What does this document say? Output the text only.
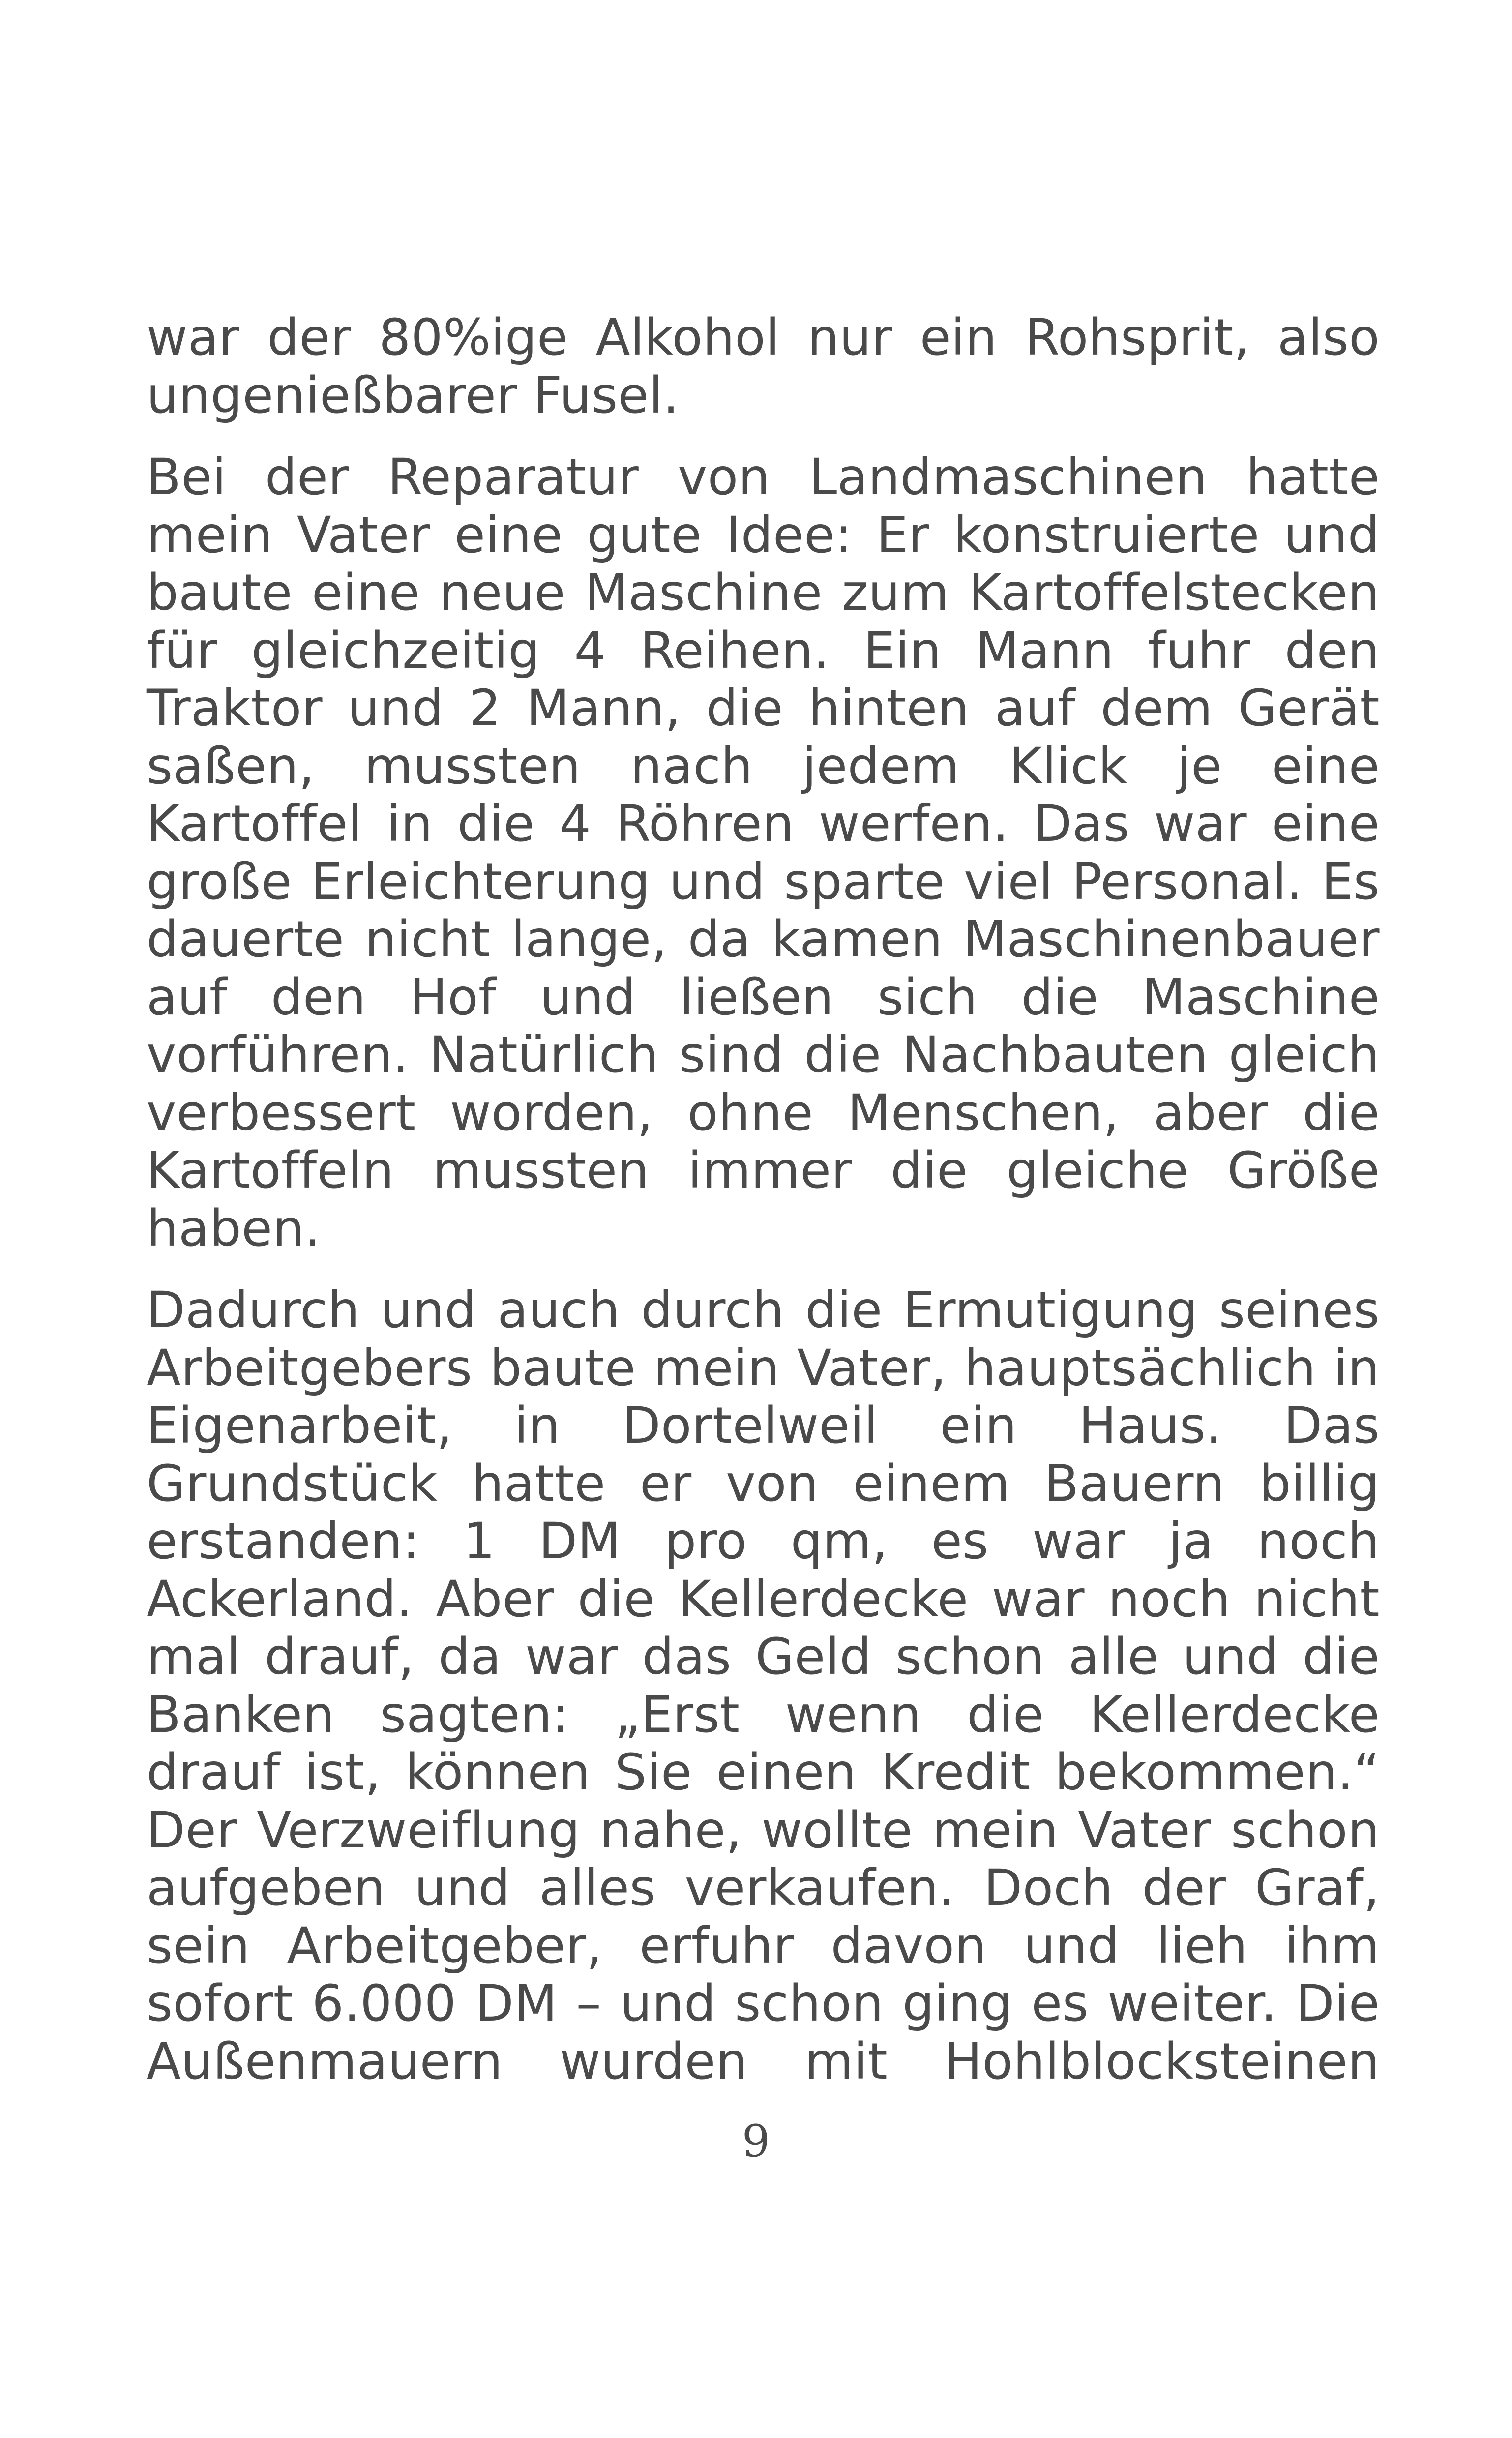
war der 80%ige Alkohol nur ein Rohsprit, also ungenießbarer Fusel.

Bei der Reparatur von Landmaschinen hatte mein Vater eine gute Idee: Er konstruierte und baute eine neue Maschine zum Kartoffelstecken für gleichzeitig 4 Reihen. Ein Mann fuhr den Traktor und 2 Mann, die hinten auf dem Gerät saßen, mussten nach jedem Klick je eine Kartoffel in die 4 Röhren werfen. Das war eine große Erleichterung und sparte viel Personal. Es dauerte nicht lange, da kamen Maschinenbauer auf den Hof und ließen sich die Maschine vorführen. Natürlich sind die Nachbauten gleich verbessert worden, ohne Menschen, aber die Kartoffeln mussten immer die gleiche Größe haben.

Dadurch und auch durch die Ermutigung seines Arbeitgebers baute mein Vater, hauptsächlich in Eigenarbeit, in Dortelweil ein Haus. Das Grundstück hatte er von einem Bauern billig erstanden: 1 DM pro qm, es war ja noch Ackerland. Aber die Kellerdecke war noch nicht mal drauf, da war das Geld schon alle und die Banken sagten: „Erst wenn die Kellerdecke drauf ist, können Sie einen Kredit bekommen.“ Der Verzweiflung nahe, wollte mein Vater schon aufgeben und alles verkaufen. Doch der Graf, sein Arbeitgeber, erfuhr davon und lieh ihm sofort 6.000 DM – und schon ging es weiter. Die Außenmauern wurden mit Hohlblocksteinen

9
